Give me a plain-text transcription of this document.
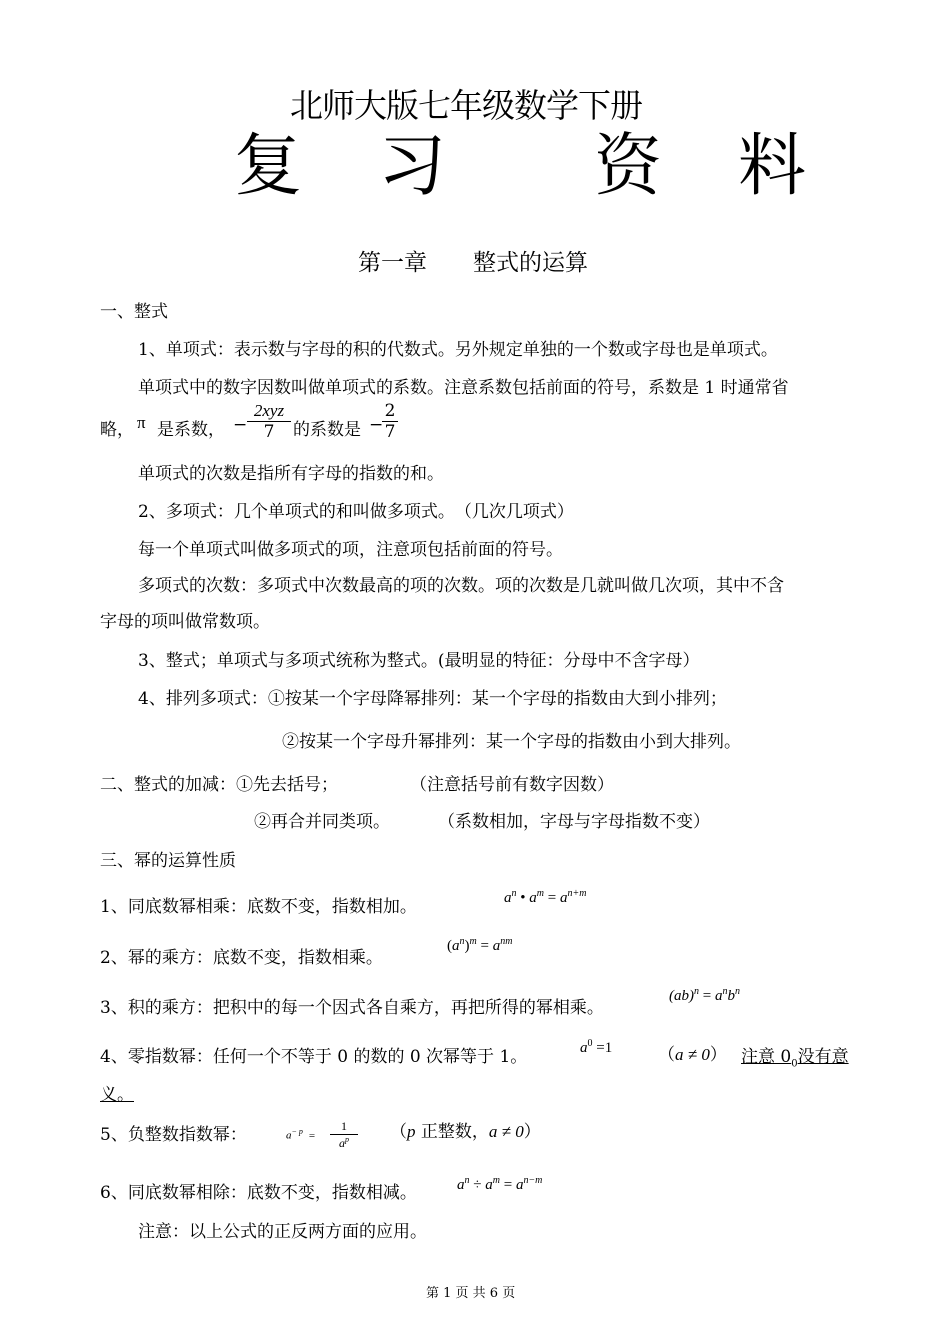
北师大版七年级数学下册
复　习　　资　料
第一章　　整式的运算
一、整式
1、单项式：表示数与字母的积的代数式。另外规定单独的一个数或字母也是单项式。
单项式中的数字因数叫做单项式的系数。注意系数包括前面的符号，系数是 1 时通常省
略， π 是系数， −
2xyz
7	的系数是 −
2
7
单项式的次数是指所有字母的指数的和。
2、多项式：几个单项式的和叫做多项式。　（几次几项式）
每一个单项式叫做多项式的项，注意项包括前面的符号。
多项式的次数：多项式中次数最高的项的次数。项的次数是几就叫做几次项，其中不含
字母的项叫做常数项。
3、整式；单项式与多项式统称为整式。(最明显的特征：分母中不含字母）
4、排列多项式：①按某一个字母降幂排列：某一个字母的指数由大到小排列；
②按某一个字母升幂排列：某一个字母的指数由小到大排列。
二、整式的加减：①先去括号；	（注意括号前有数字因数）
②再合并同类项。	（系数相加，字母与字母指数不变）
三、幂的运算性质
1、同底数幂相乘：底数不变，指数相加。	$a^n$ • $a^m = a^{n+m}$
2、幂的乘方：底数不变，指数相乘。
$(a^n)^m = a^{nm}$
3、积的乘方：把积中的每一个因式各自乘方，再把所得的幂相乘。
$(ab)^n = a^nb^n$
4、零指数幂：任何一个不等于 0 的数的 0 次幂等于 1。	$a^0 =1$	（a ≠ 0） 注意 $0_0$没有意
义。
5、负整数指数幂：	$a^{- p}$ =
1
$a^p$	（p 正整数，a ≠ 0）
6、同底数幂相除：底数不变，指数相减。	$a^n \div a^m = a^{n-m}$
注意：以上公式的正反两方面的应用。
第 1 页 共 6 页
